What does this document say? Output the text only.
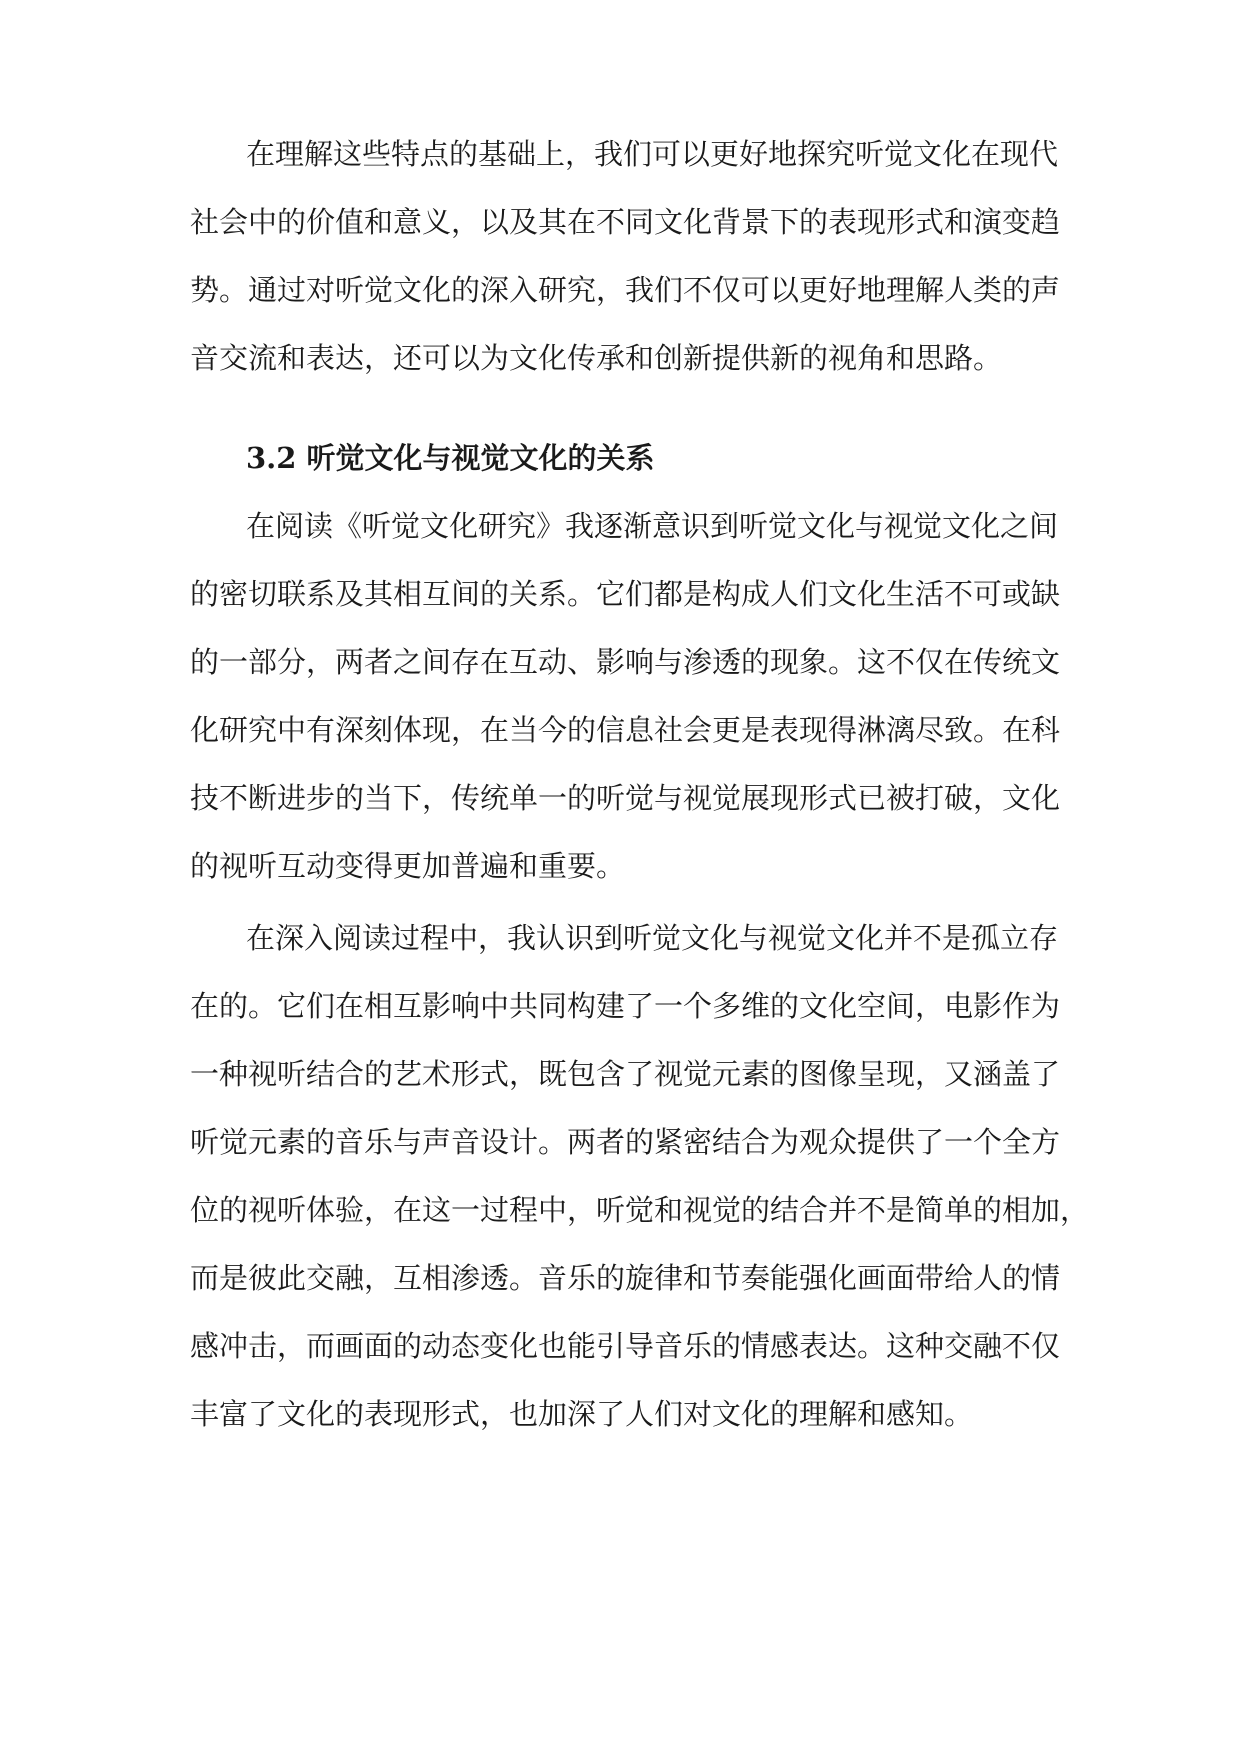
在理解这些特点的基础上，我们可以更好地探究听觉文化在现代
社会中的价值和意义，以及其在不同文化背景下的表现形式和演变趋
势。通过对听觉文化的深入研究，我们不仅可以更好地理解人类的声
音交流和表达，还可以为文化传承和创新提供新的视角和思路。
3.2 听觉文化与视觉文化的关系
在阅读《听觉文化研究》我逐渐意识到听觉文化与视觉文化之间
的密切联系及其相互间的关系。它们都是构成人们文化生活不可或缺
的一部分，两者之间存在互动、影响与渗透的现象。这不仅在传统文
化研究中有深刻体现，在当今的信息社会更是表现得淋漓尽致。在科
技不断进步的当下，传统单一的听觉与视觉展现形式已被打破，文化
的视听互动变得更加普遍和重要。
在深入阅读过程中，我认识到听觉文化与视觉文化并不是孤立存
在的。它们在相互影响中共同构建了一个多维的文化空间，电影作为
一种视听结合的艺术形式，既包含了视觉元素的图像呈现，又涵盖了
听觉元素的音乐与声音设计。两者的紧密结合为观众提供了一个全方
位的视听体验，在这一过程中，听觉和视觉的结合并不是简单的相加，
而是彼此交融，互相渗透。音乐的旋律和节奏能强化画面带给人的情
感冲击，而画面的动态变化也能引导音乐的情感表达。这种交融不仅
丰富了文化的表现形式，也加深了人们对文化的理解和感知。
